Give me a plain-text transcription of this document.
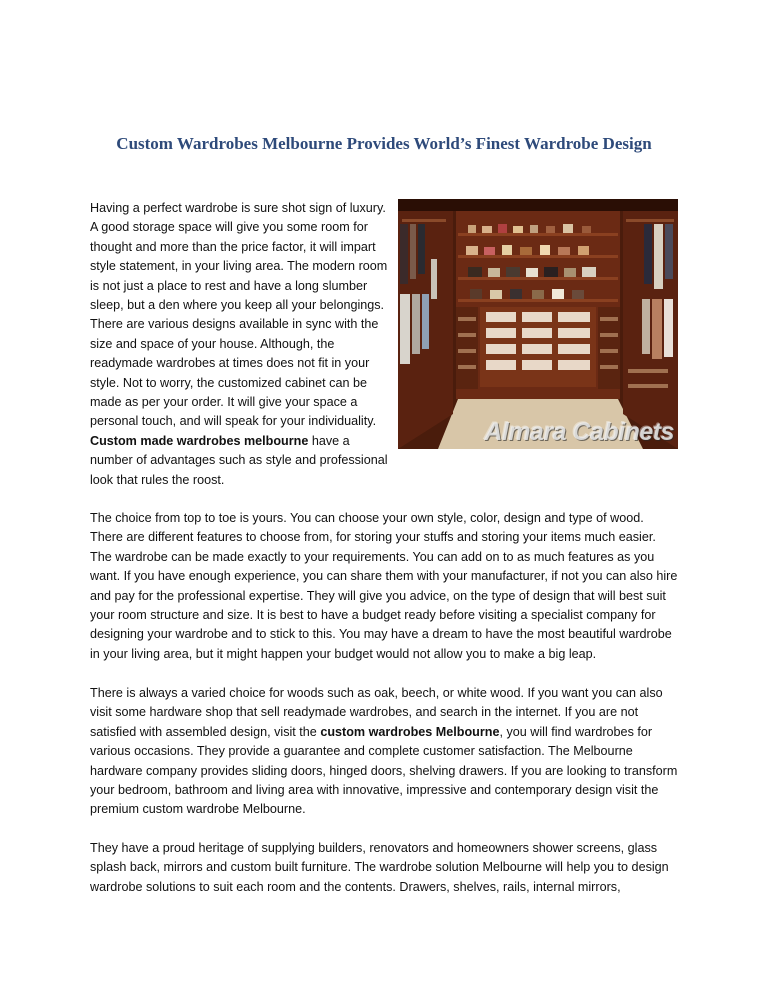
Custom Wardrobes Melbourne Provides World’s Finest Wardrobe Design

Having a perfect wardrobe is sure shot sign of luxury. A good storage space will give you some room for thought and more than the price factor, it will impart style statement, in your living area. The modern room is not just a place to rest and have a long slumber sleep, but a den where you keep all your belongings. There are various designs available in sync with the size and space of your house. Although, the readymade wardrobes at times does not fit in your style. Not to worry, the customized cabinet can be made as per your order. It will give your space a personal touch, and will speak for your individuality. Custom made wardrobes melbourne have a number of advantages such as style and professional look that rules the roost.

Almara Cabinets

The choice from top to toe is yours. You can choose your own style, color, design and type of wood. There are different features to choose from, for storing your stuffs and storing your items much easier. The wardrobe can be made exactly to your requirements. You can add on to as much features as you want. If you have enough experience, you can share them with your manufacturer, if not you can also hire and pay for the professional expertise. They will give you advice, on the type of design that will best suit your room structure and size. It is best to have a budget ready before visiting a specialist company for designing your wardrobe and to stick to this. You may have a dream to have the most beautiful wardrobe in your living area, but it might happen your budget would not allow you to make a big leap.

There is always a varied choice for woods such as oak, beech, or white wood. If you want you can also visit some hardware shop that sell readymade wardrobes, and search in the internet. If you are not satisfied with assembled design, visit the custom wardrobes Melbourne, you will find wardrobes for various occasions. They provide a guarantee and complete customer satisfaction. The Melbourne hardware company provides sliding doors, hinged doors, shelving drawers. If you are looking to transform your bedroom, bathroom and living area with innovative, impressive and contemporary design visit the premium custom wardrobe Melbourne.

They have a proud heritage of supplying builders, renovators and homeowners shower screens, glass splash back, mirrors and custom built furniture. The wardrobe solution Melbourne will help you to design wardrobe solutions to suit each room and the contents. Drawers, shelves, rails, internal mirrors,
